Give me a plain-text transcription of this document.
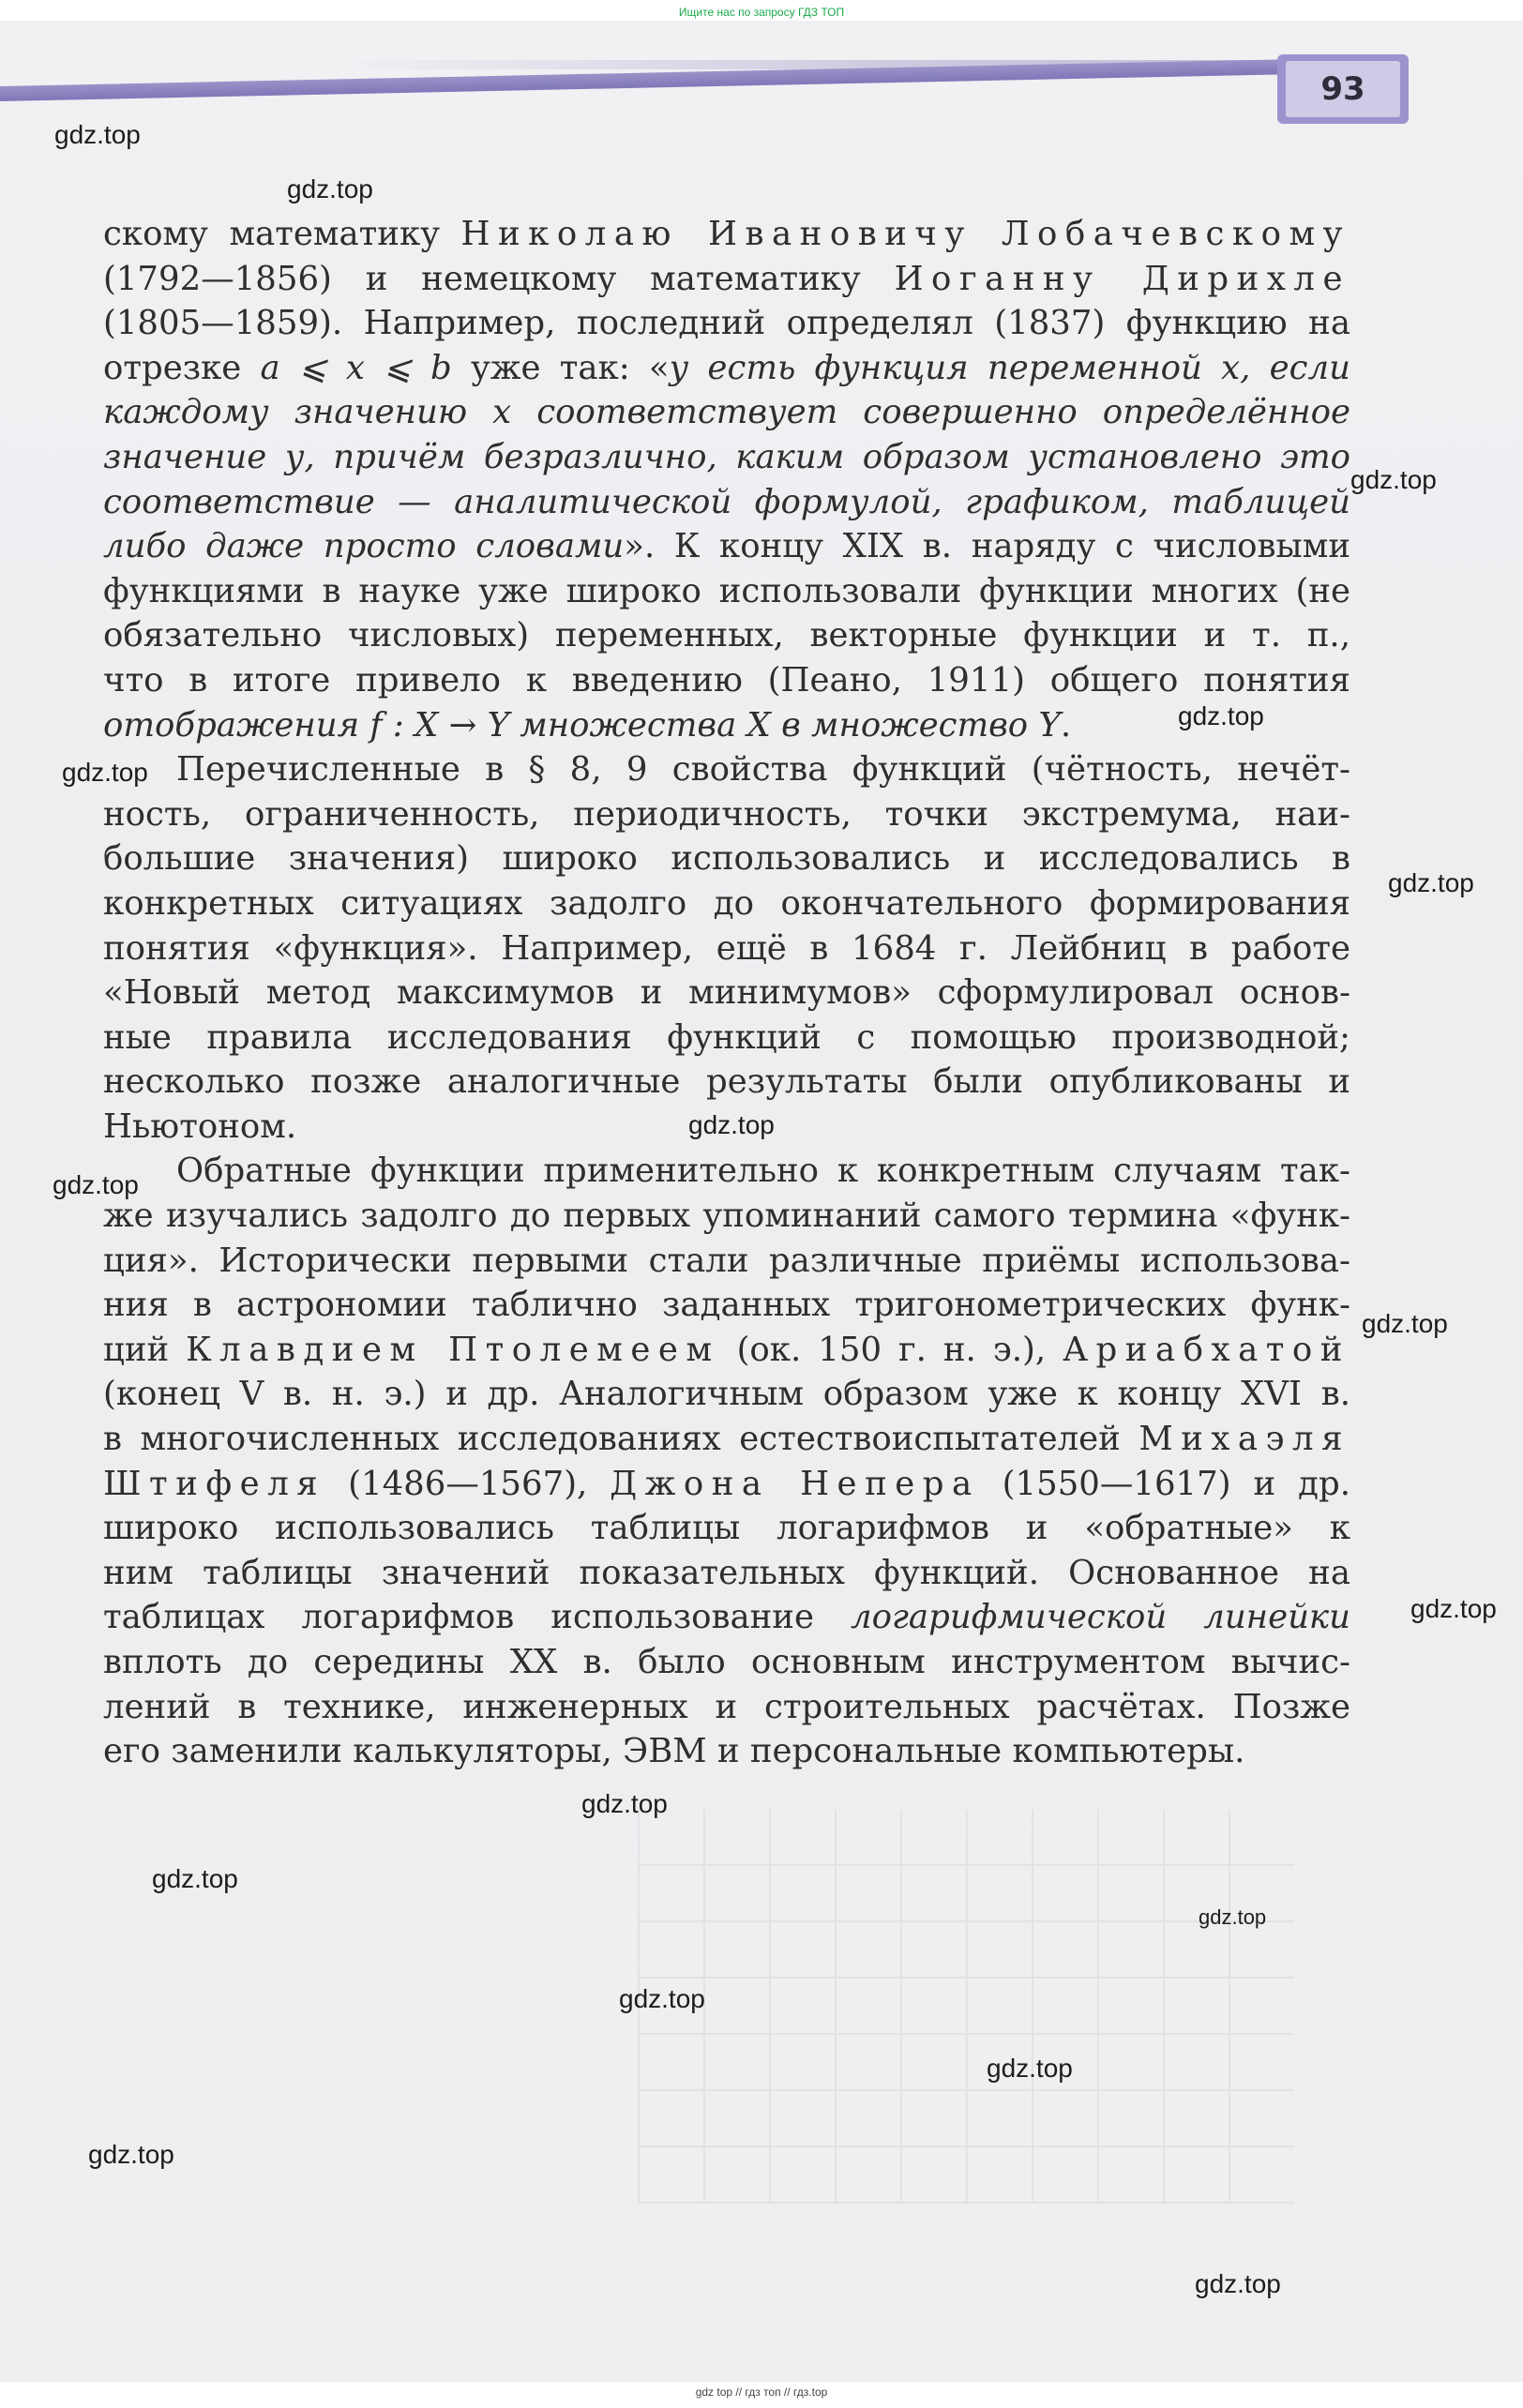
Ищите нас по запросу ГДЗ ТОП
93
скому математику Николаю Ивановичу Лобачевскому
(1792—1856) и немецкому математику Иоганну Дирихле
(1805—1859). Например, последний определял (1837) функцию на
отрезке a ⩽ x ⩽ b уже так: «у есть функция переменной x, если
каждому значению x соответствует совершенно определённое
значение у, причём безразлично, каким образом установлено это
соответствие — аналитической формулой, графиком, таблицей
либо даже просто словами». К концу XIX в. наряду с числовыми
функциями в науке уже широко использовали функции многих (не
обязательно числовых) переменных, векторные функции и т. п.,
что в итоге привело к введению (Пеано, 1911) общего понятия
отображения f : X → Y множества X в множество Y.
Перечисленные в § 8, 9 свойства функций (чётность, нечёт-
ность, ограниченность, периодичность, точки экстремума, наи-
большие значения) широко использовались и исследовались в
конкретных ситуациях задолго до окончательного формирования
понятия «функция». Например, ещё в 1684 г. Лейбниц в работе
«Новый метод максимумов и минимумов» сформулировал основ-
ные правила исследования функций с помощью производной;
несколько позже аналогичные результаты были опубликованы и
Ньютоном.
Обратные функции применительно к конкретным случаям так-
же изучались задолго до первых упоминаний самого термина «функ-
ция». Исторически первыми стали различные приёмы использова-
ния в астрономии таблично заданных тригонометрических функ-
ций Клавдием Птолемеем (ок. 150 г. н. э.), Ариабхатой
(конец V в. н. э.) и др. Аналогичным образом уже к концу XVI в.
в многочисленных исследованиях естествоиспытателей Михаэля
Штифеля (1486—1567), Джона Непера (1550—1617) и др.
широко использовались таблицы логарифмов и «обратные» к
ним таблицы значений показательных функций. Основанное на
таблицах логарифмов использование логарифмической линейки
вплоть до середины XX в. было основным инструментом вычис-
лений в технике, инженерных и строительных расчётах. Позже
его заменили калькуляторы, ЭВМ и персональные компьютеры.
gdz.top
gdz.top
gdz.top
gdz.top
gdz.top
gdz.top
gdz.top
gdz.top
gdz.top
gdz.top
gdz.top
gdz.top
gdz.top
gdz.top
gdz.top
gdz.top
gdz.top
gdz top // гдз топ // гдз.top
